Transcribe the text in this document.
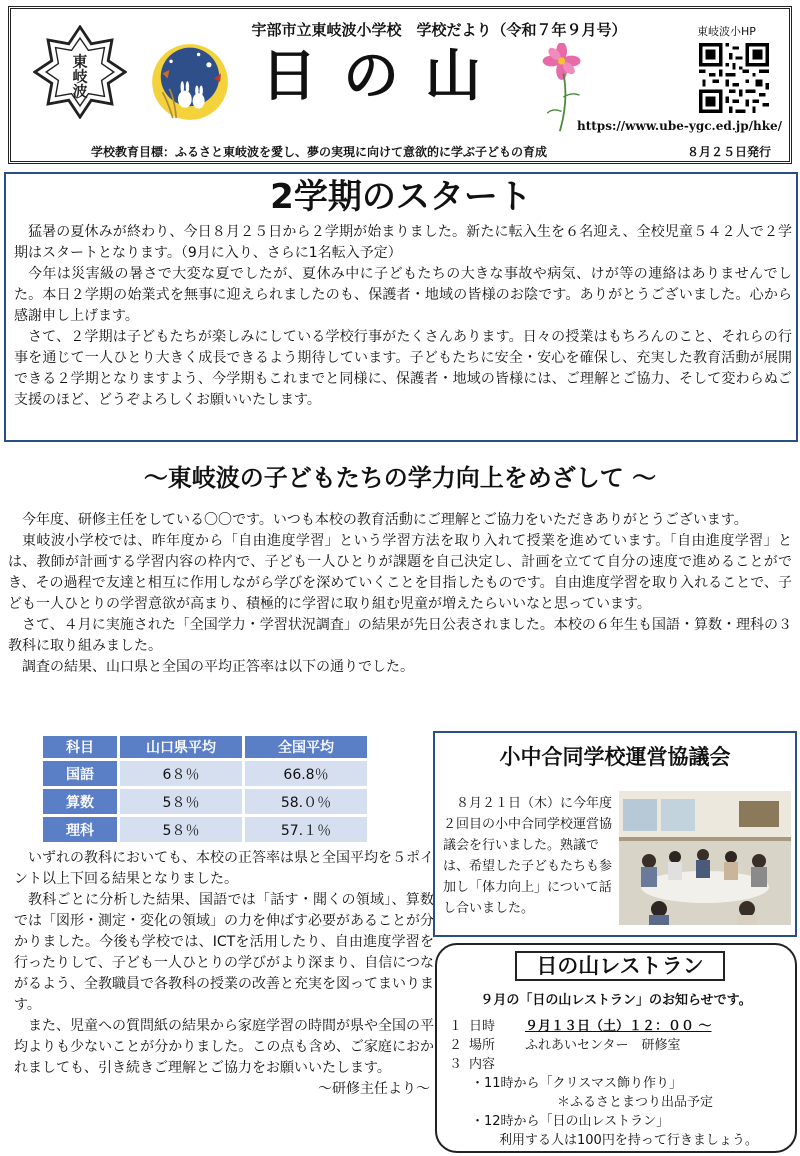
東
岐
波
宇部市立東岐波小学校　学校だより（令和７年９月号）
日の山
東岐波小HP
https://www.ube-ygc.ed.jp/hke/
学校教育目標：ふるさと東岐波を愛し、夢の実現に向けて意欲的に学ぶ子どもの育成	８月２５日発行
2学期のスタート

猛暑の夏休みが終わり、今日８月２５日から２学期が始まりました。新たに転入生を６名迎え、全校児童５４２人で２学期はスタートとなります。（9月に入り、さらに1名転入予定）

今年は災害級の暑さで大変な夏でしたが、夏休み中に子どもたちの大きな事故や病気、けが等の連絡はありませんでした。本日２学期の始業式を無事に迎えられましたのも、保護者・地域の皆様のお陰です。ありがとうございました。心から感謝申し上げます。

さて、２学期は子どもたちが楽しみにしている学校行事がたくさんあります。日々の授業はもちろんのこと、それらの行事を通じて一人ひとり大きく成長できるよう期待しています。子どもたちに安全・安心を確保し、充実した教育活動が展開できる２学期となりますよう、今学期もこれまでと同様に、保護者・地域の皆様には、ご理解とご協力、そして変わらぬご支援のほど、どうぞよろしくお願いいたします。

～東岐波の子どもたちの学力向上をめざして ～

今年度、研修主任をしている〇〇です。いつも本校の教育活動にご理解とご協力をいただきありがとうございます。

東岐波小学校では、昨年度から「自由進度学習」という学習方法を取り入れて授業を進めています。「自由進度学習」とは、教師が計画する学習内容の枠内で、子ども一人ひとりが課題を自己決定し、計画を立てて自分の速度で進めることができ、その過程で友達と相互に作用しながら学びを深めていくことを目指したものです。自由進度学習を取り入れることで、子ども一人ひとりの学習意欲が高まり、積極的に学習に取り組む児童が増えたらいいなと思っています。

さて、４月に実施された「全国学力・学習状況調査」の結果が先日公表されました。本校の６年生も国語・算数・理科の３教科に取り組みました。

調査の結果、山口県と全国の平均正答率は以下の通りでした。

科目	山口県平均	全国平均
国語	6８％	66.8％
算数	5８％	58.０％
理科	5８％	57.１％

いずれの教科においても、本校の正答率は県と全国平均を５ポイント以上下回る結果となりました。

教科ごとに分析した結果、国語では「話す・聞くの領域」、算数では「図形・測定・変化の領域」の力を伸ばす必要があることが分かりました。今後も学校では、ICTを活用したり、自由進度学習を行ったりして、子ども一人ひとりの学びがより深まり、自信につながるよう、全教職員で各教科の授業の改善と充実を図ってまいります。

また、児童への質問紙の結果から家庭学習の時間が県や全国の平均よりも少ないことが分かりました。この点も含め、ご家庭におかれましても、引き続きご理解とご協力をお願いいたします。

～研修主任より～

小中合同学校運営協議会

８月２１日（木）に今年度２回目の小中合同学校運営協議会を行いました。熟議では、希望した子どもたちも参加し「体力向上」について話し合いました。

日の山レストラン
９月の「日の山レストラン」のお知らせです。
１ 日時	９月１３日（土）１２：００ ～
２ 場所	ふれあいセンター　研修室
３ 内容
・11時から「クリスマス飾り作り」
＊ふるさとまつり出品予定
・12時から「日の山レストラン」
利用する人は100円を持って行きましょう。
